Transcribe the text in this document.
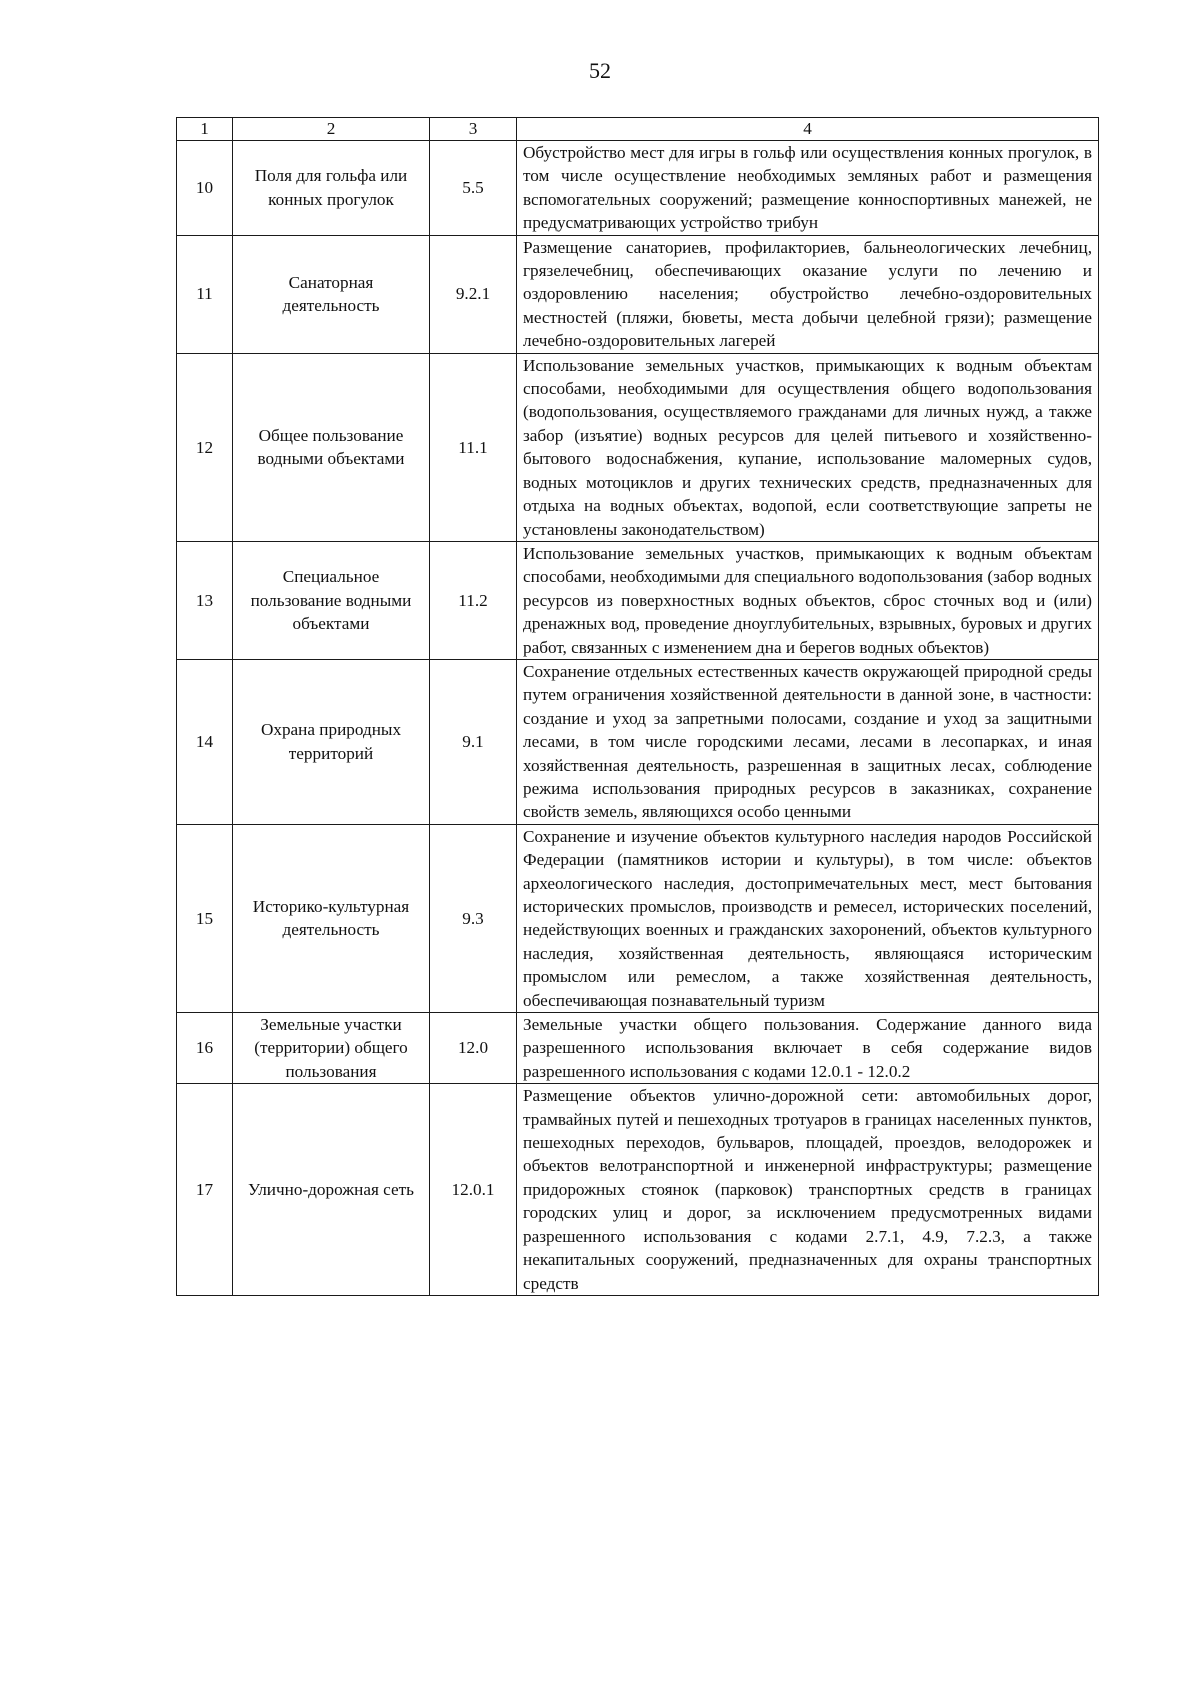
52
1	2	3	4
10	Поля для гольфа или конных прогулок	5.5	Обустройство мест для игры в гольф или осуществления конных прогулок, в том числе осуществление необходимых земляных работ и размещения вспомогательных сооружений; размещение конноспортивных манежей, не предусматривающих устройство трибун
11	Санаторная деятельность	9.2.1	Размещение санаториев, профилакториев, бальнеологических лечебниц, грязелечебниц, обеспечивающих оказание услуги по лечению и оздоровлению населения; обустройство лечебно-оздоровительных местностей (пляжи, бюветы, места добычи целебной грязи); размещение лечебно-оздоровительных лагерей
12	Общее пользование водными объектами	11.1	Использование земельных участков, примыкающих к водным объектам способами, необходимыми для осуществления общего водопользования (водопользования, осуществляемого гражданами для личных нужд, а также забор (изъятие) водных ресурсов для целей питьевого и хозяйственно-бытового водоснабжения, купание, использование маломерных судов, водных мотоциклов и других технических средств, предназначенных для отдыха на водных объектах, водопой, если соответствующие запреты не установлены законодательством)
13	Специальное пользование водными объектами	11.2	Использование земельных участков, примыкающих к водным объектам способами, необходимыми для специального водопользования (забор водных ресурсов из поверхностных водных объектов, сброс сточных вод и (или) дренажных вод, проведение дноуглубительных, взрывных, буровых и других работ, связанных с изменением дна и берегов водных объектов)
14	Охрана природных территорий	9.1	Сохранение отдельных естественных качеств окружающей природной среды путем ограничения хозяйственной деятельности в данной зоне, в частности: создание и уход за запретными полосами, создание и уход за защитными лесами, в том числе городскими лесами, лесами в лесопарках, и иная хозяйственная деятельность, разрешенная в защитных лесах, соблюдение режима использования природных ресурсов в заказниках, сохранение свойств земель, являющихся особо ценными
15	Историко-культурная деятельность	9.3	Сохранение и изучение объектов культурного наследия народов Российской Федерации (памятников истории и культуры), в том числе: объектов археологического наследия, достопримечательных мест, мест бытования исторических промыслов, производств и ремесел, исторических поселений, недействующих военных и гражданских захоронений, объектов культурного наследия, хозяйственная деятельность, являющаяся историческим промыслом или ремеслом, а также хозяйственная деятельность, обеспечивающая познавательный туризм
16	Земельные участки (территории) общего пользования	12.0	Земельные участки общего пользования. Содержание данного вида разрешенного использования включает в себя содержание видов разрешенного использования с кодами 12.0.1 - 12.0.2
17	Улично-дорожная сеть	12.0.1	Размещение объектов улично-дорожной сети: автомобильных дорог, трамвайных путей и пешеходных тротуаров в границах населенных пунктов, пешеходных переходов, бульваров, площадей, проездов, велодорожек и объектов велотранспортной и инженерной инфраструктуры; размещение придорожных стоянок (парковок) транспортных средств в границах городских улиц и дорог, за исключением предусмотренных видами разрешенного использования с кодами 2.7.1, 4.9, 7.2.3, а также некапитальных сооружений, предназначенных для охраны транспортных средств
